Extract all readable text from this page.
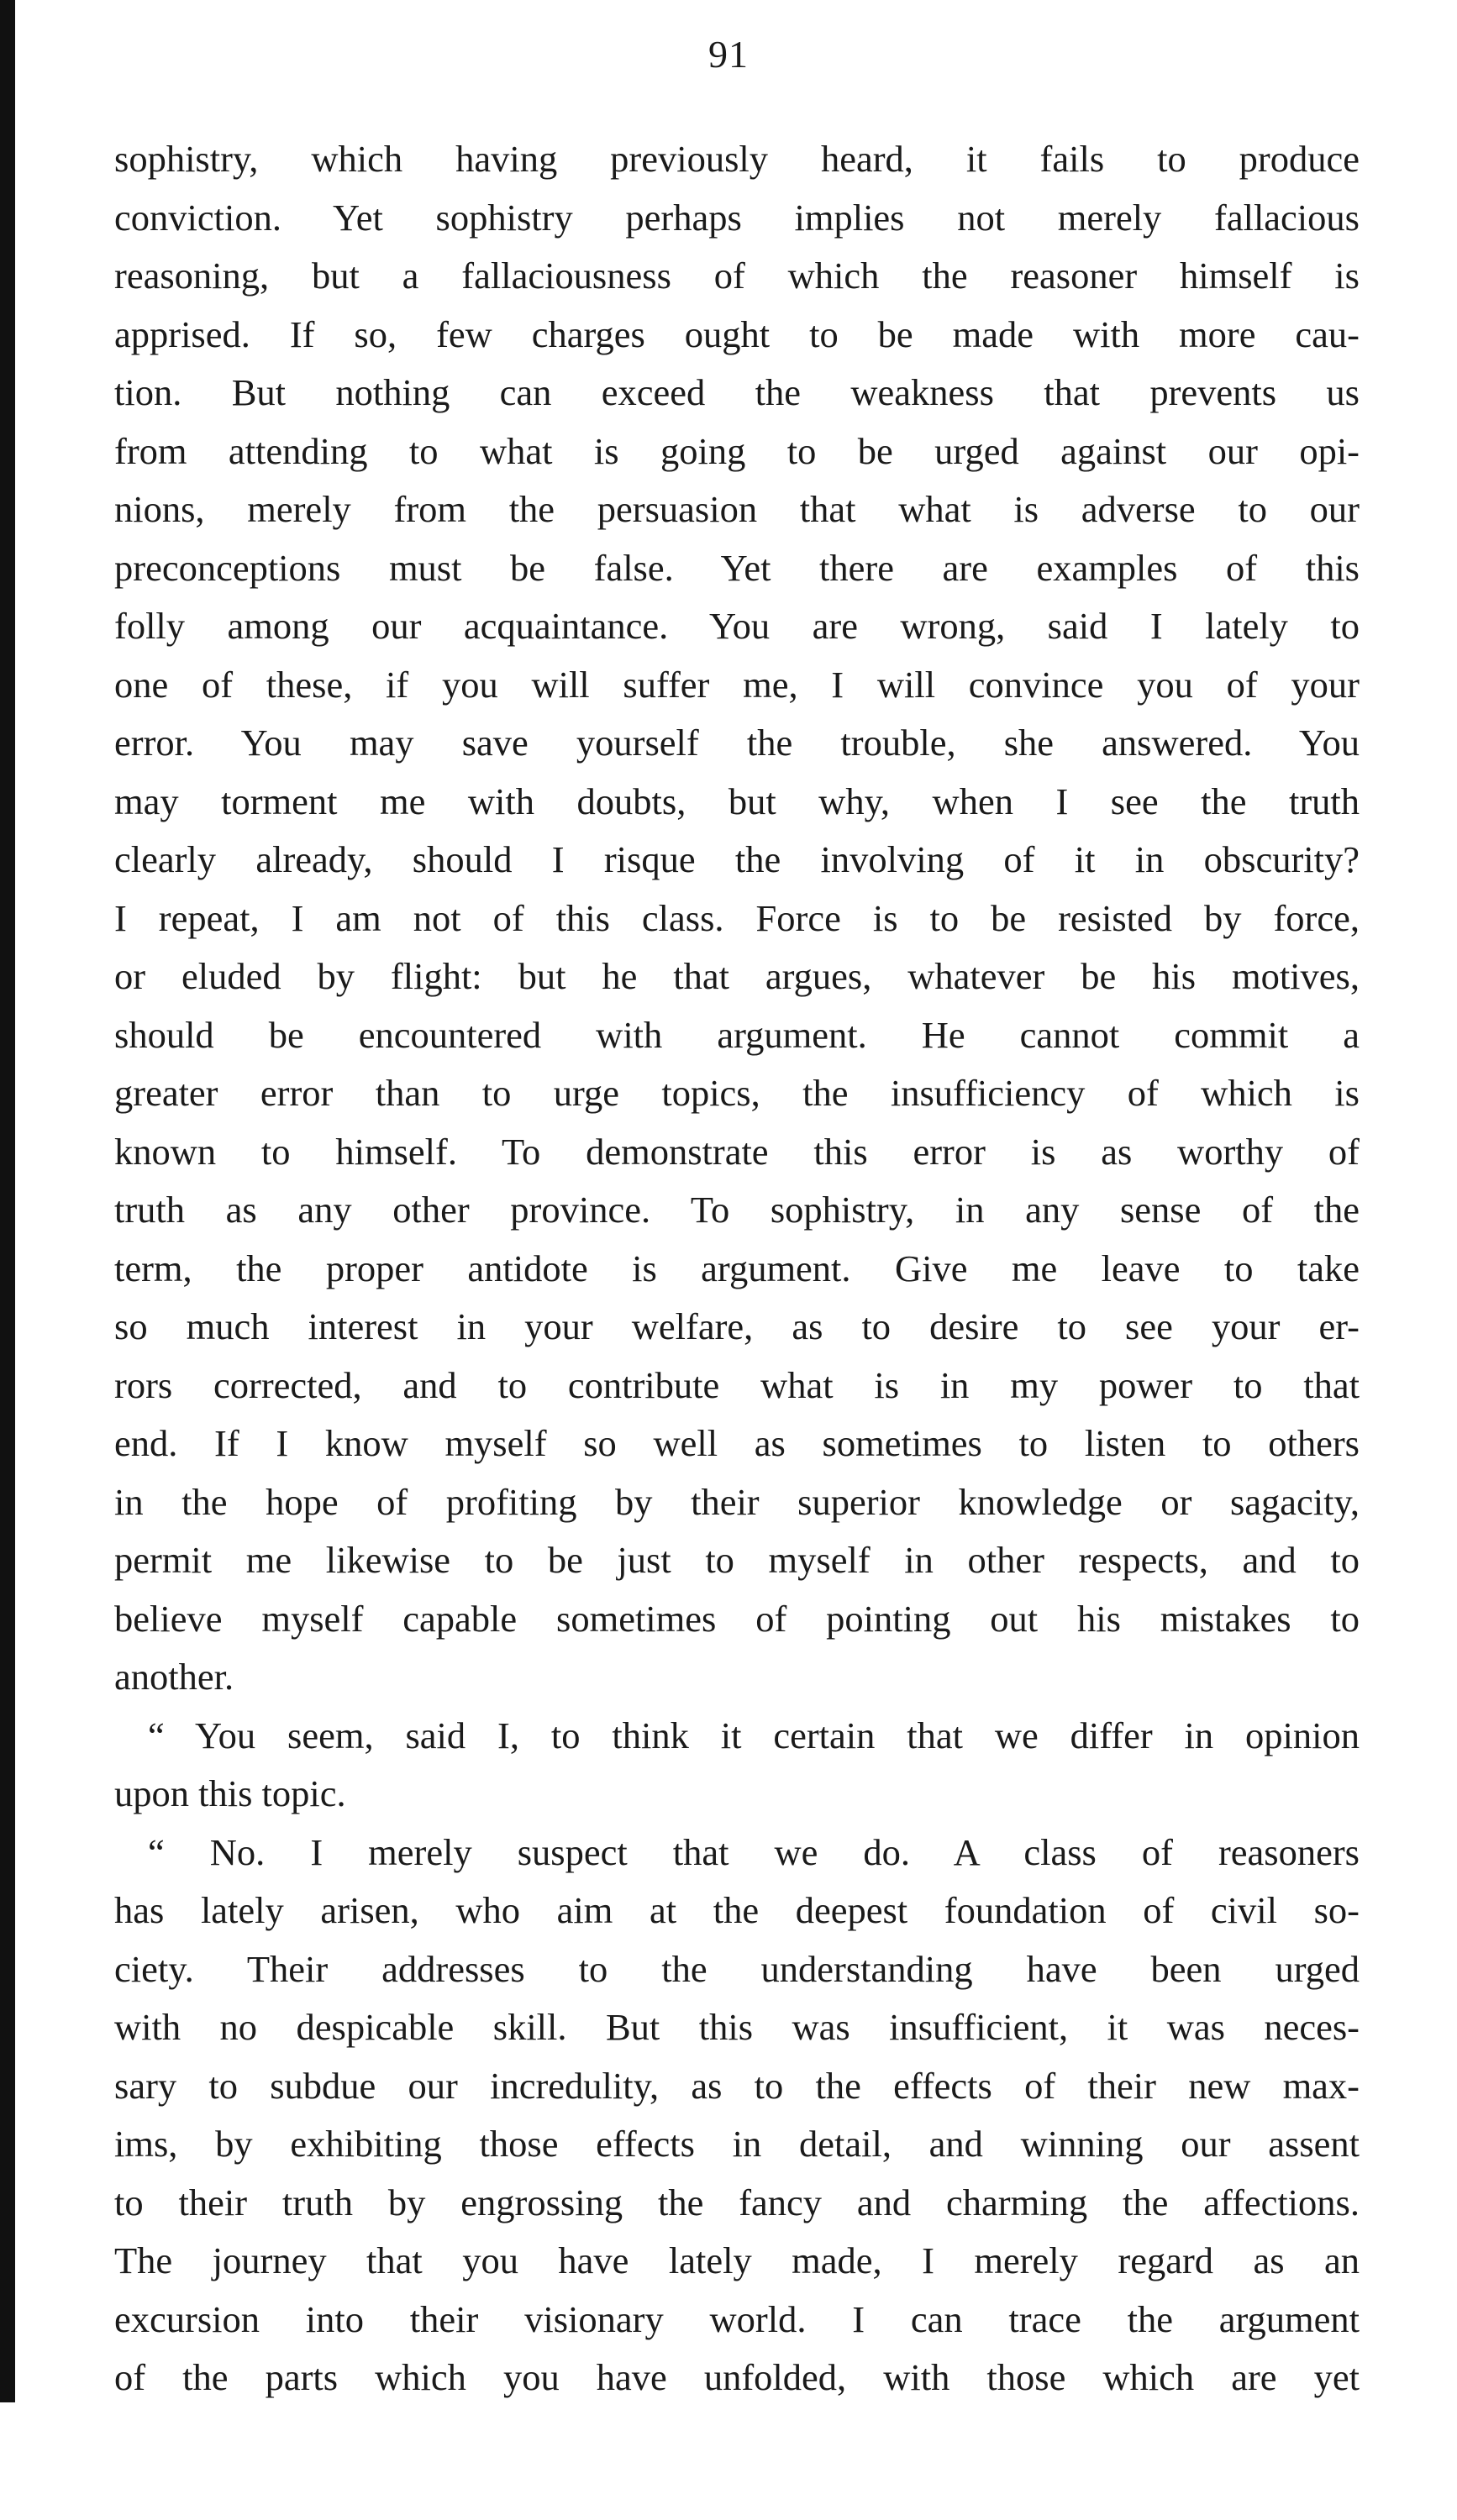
91
sophistry, which having previously heard, it fails to produce
conviction. Yet sophistry perhaps implies not merely fallacious
reasoning, but a fallaciousness of which the reasoner himself is
apprised. If so, few charges ought to be made with more cau-
tion. But nothing can exceed the weakness that prevents us
from attending to what is going to be urged against our opi-
nions, merely from the persuasion that what is adverse to our
preconceptions must be false. Yet there are examples of this
folly among our acquaintance. You are wrong, said I lately to
one of these, if you will suffer me, I will convince you of your
error. You may save yourself the trouble, she answered. You
may torment me with doubts, but why, when I see the truth
clearly already, should I risque the involving of it in obscurity?
I repeat, I am not of this class. Force is to be resisted by force,
or eluded by flight: but he that argues, whatever be his motives,
should be encountered with argument. He cannot commit a
greater error than to urge topics, the insufficiency of which is
known to himself. To demonstrate this error is as worthy of
truth as any other province. To sophistry, in any sense of the
term, the proper antidote is argument. Give me leave to take
so much interest in your welfare, as to desire to see your er-
rors corrected, and to contribute what is in my power to that
end. If I know myself so well as sometimes to listen to others
in the hope of profiting by their superior knowledge or sagacity,
permit me likewise to be just to myself in other respects, and to
believe myself capable sometimes of pointing out his mistakes to
another.
“ You seem, said I, to think it certain that we differ in opinion
upon this topic.
“ No. I merely suspect that we do. A class of reasoners
has lately arisen, who aim at the deepest foundation of civil so-
ciety. Their addresses to the understanding have been urged
with no despicable skill. But this was insufficient, it was neces-
sary to subdue our incredulity, as to the effects of their new max-
ims, by exhibiting those effects in detail, and winning our assent
to their truth by engrossing the fancy and charming the affections.
The journey that you have lately made, I merely regard as an
excursion into their visionary world. I can trace the argument
of the parts which you have unfolded, with those which are yet
